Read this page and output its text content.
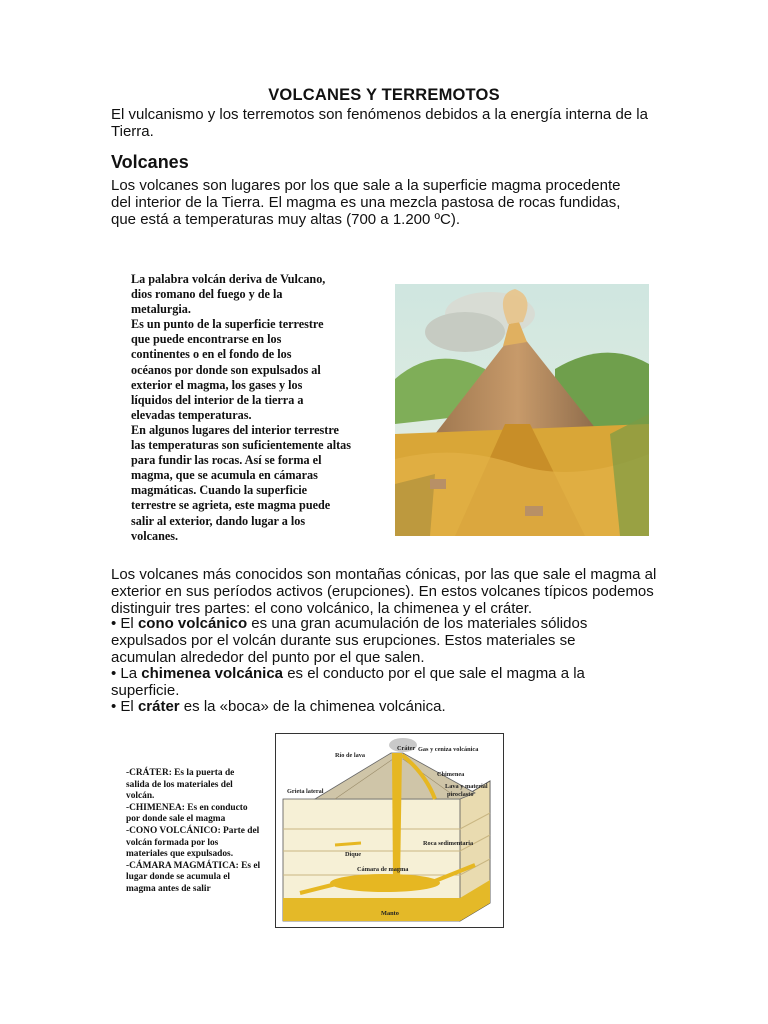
VOLCANES Y TERREMOTOS

El vulcanismo y los terremotos son fenómenos debidos a la energía interna de la Tierra.

Volcanes

Los volcanes son lugares por los que sale a la superficie magma procedente del interior de la Tierra. El magma es una mezcla pastosa de rocas fundidas, que está a temperaturas muy altas (700 a 1.200 ºC).

La palabra volcán deriva de Vulcano,
dios romano del fuego y de la
metalurgia.
Es un punto de la superficie terrestre
que puede encontrarse en los
continentes o en el fondo de los
océanos por donde son expulsados al
exterior el magma, los gases y los
líquidos del interior de la tierra a
elevadas temperaturas.
En algunos lugares del interior terrestre
las temperaturas son suficientemente altas
para fundir las rocas. Así se forma el
magma, que se acumula en cámaras
magmáticas. Cuando la superficie
terrestre se agrieta, este magma puede
salir al exterior, dando lugar a los
volcanes.

Los volcanes más conocidos son montañas cónicas, por las que sale el magma al exterior en sus períodos activos (erupciones). En estos volcanes típicos podemos distinguir tres partes: el cono volcánico, la chimenea y el cráter.

• El cono volcánico es una gran acumulación de los materiales sólidos expulsados por el volcán durante sus erupciones. Estos materiales se acumulan alrededor del punto por el que salen.

• La chimenea volcánica es el conducto por el que sale el magma a la superficie.

• El cráter es la «boca» de la chimenea volcánica.

-CRÁTER: Es la puerta de
salida de los materiales del
volcán.
-CHIMENEA: Es en conducto
por donde sale el magma
-CONO VOLCÁNICO: Parte del
volcán formada por los
materiales que expulsados.
-CÁMARA MAGMÁTICA: Es el
lugar donde se acumula el
magma antes de salir
Cráter
Río de lava
Gas y ceniza volcánica
Chimenea
Lava y material
piroclasto
Grieta lateral
Dique
Roca sedimentaria
Cámara de magma
Manto
